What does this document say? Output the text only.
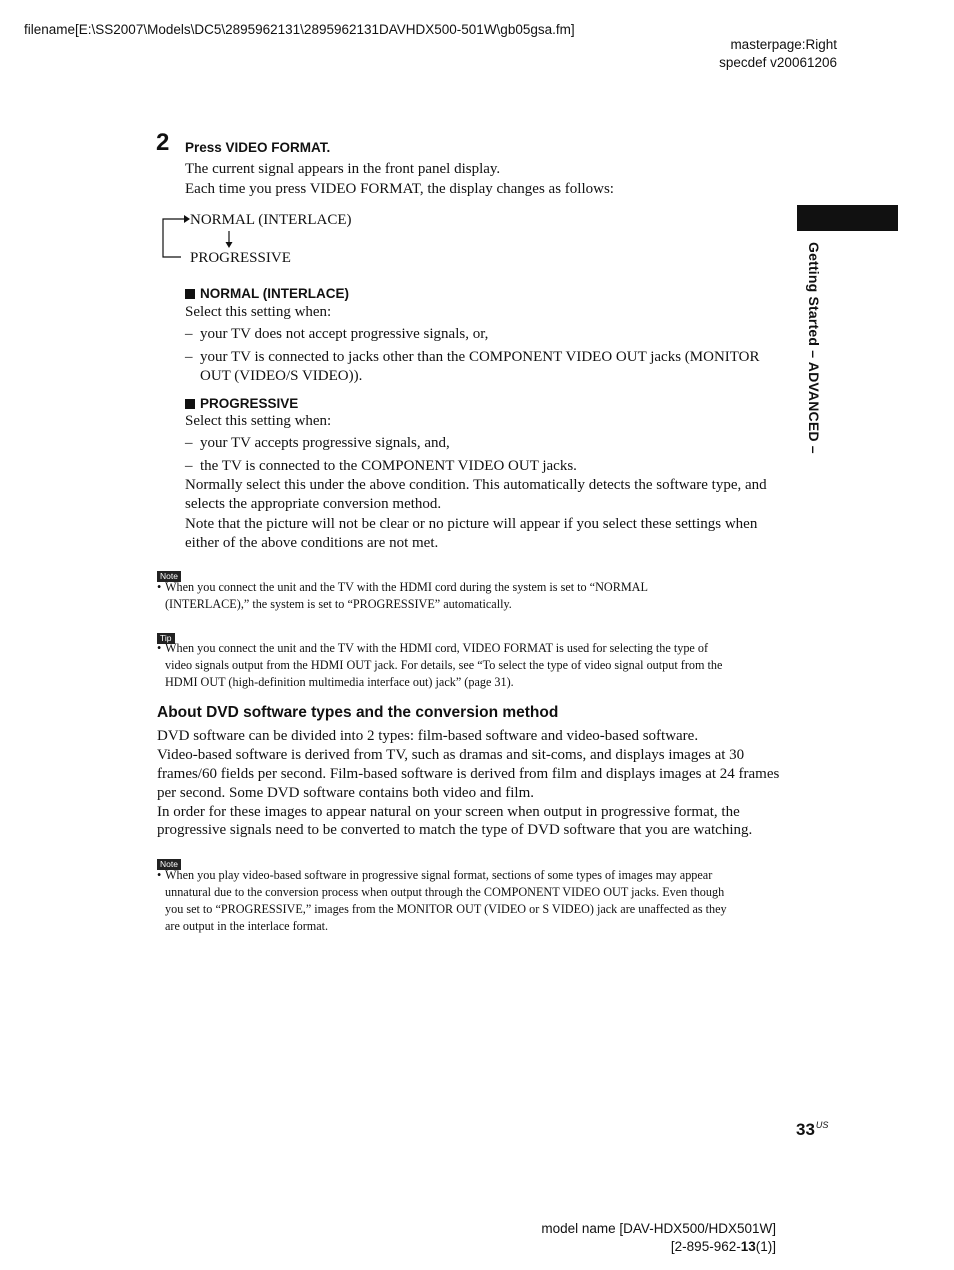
filename[E:\SS2007\Models\DC5\2895962131\2895962131DAVHDX500-501W\gb05gsa.fm]
masterpage:Right
specdef v20061206
2 Press VIDEO FORMAT.
The current signal appears in the front panel display.
Each time you press VIDEO FORMAT, the display changes as follows:
NORMAL (INTERLACE)
PROGRESSIVE
NORMAL (INTERLACE)
Select this setting when:
– your TV does not accept progressive signals, or,
– your TV is connected to jacks other than the COMPONENT VIDEO OUT jacks (MONITOR
OUT (VIDEO/S VIDEO)).
PROGRESSIVE
Select this setting when:
– your TV accepts progressive signals, and,
– the TV is connected to the COMPONENT VIDEO OUT jacks.
Normally select this under the above condition. This automatically detects the software type, and
selects the appropriate conversion method.
Note that the picture will not be clear or no picture will appear if you select these settings when
either of the above conditions are not met.
Note
• When you connect the unit and the TV with the HDMI cord during the system is set to “NORMAL
(INTERLACE),” the system is set to “PROGRESSIVE” automatically.
Tip
• When you connect the unit and the TV with the HDMI cord, VIDEO FORMAT is used for selecting the type of
video signals output from the HDMI OUT jack. For details, see “To select the type of video signal output from the
HDMI OUT (high-definition multimedia interface out) jack” (page 31).
About DVD software types and the conversion method
DVD software can be divided into 2 types: film-based software and video-based software.
Video-based software is derived from TV, such as dramas and sit-coms, and displays images at 30
frames/60 fields per second. Film-based software is derived from film and displays images at 24 frames
per second. Some DVD software contains both video and film.
In order for these images to appear natural on your screen when output in progressive format, the
progressive signals need to be converted to match the type of DVD software that you are watching.
Note
• When you play video-based software in progressive signal format, sections of some types of images may appear
unnatural due to the conversion process when output through the COMPONENT VIDEO OUT jacks. Even though
you set to “PROGRESSIVE,” images from the MONITOR OUT (VIDEO or S VIDEO) jack are unaffected as they
are output in the interlace format.
Getting Started – ADVANCED –
$33^{US}$
model name [DAV-HDX500/HDX501W]
[2-895-962-13(1)]
